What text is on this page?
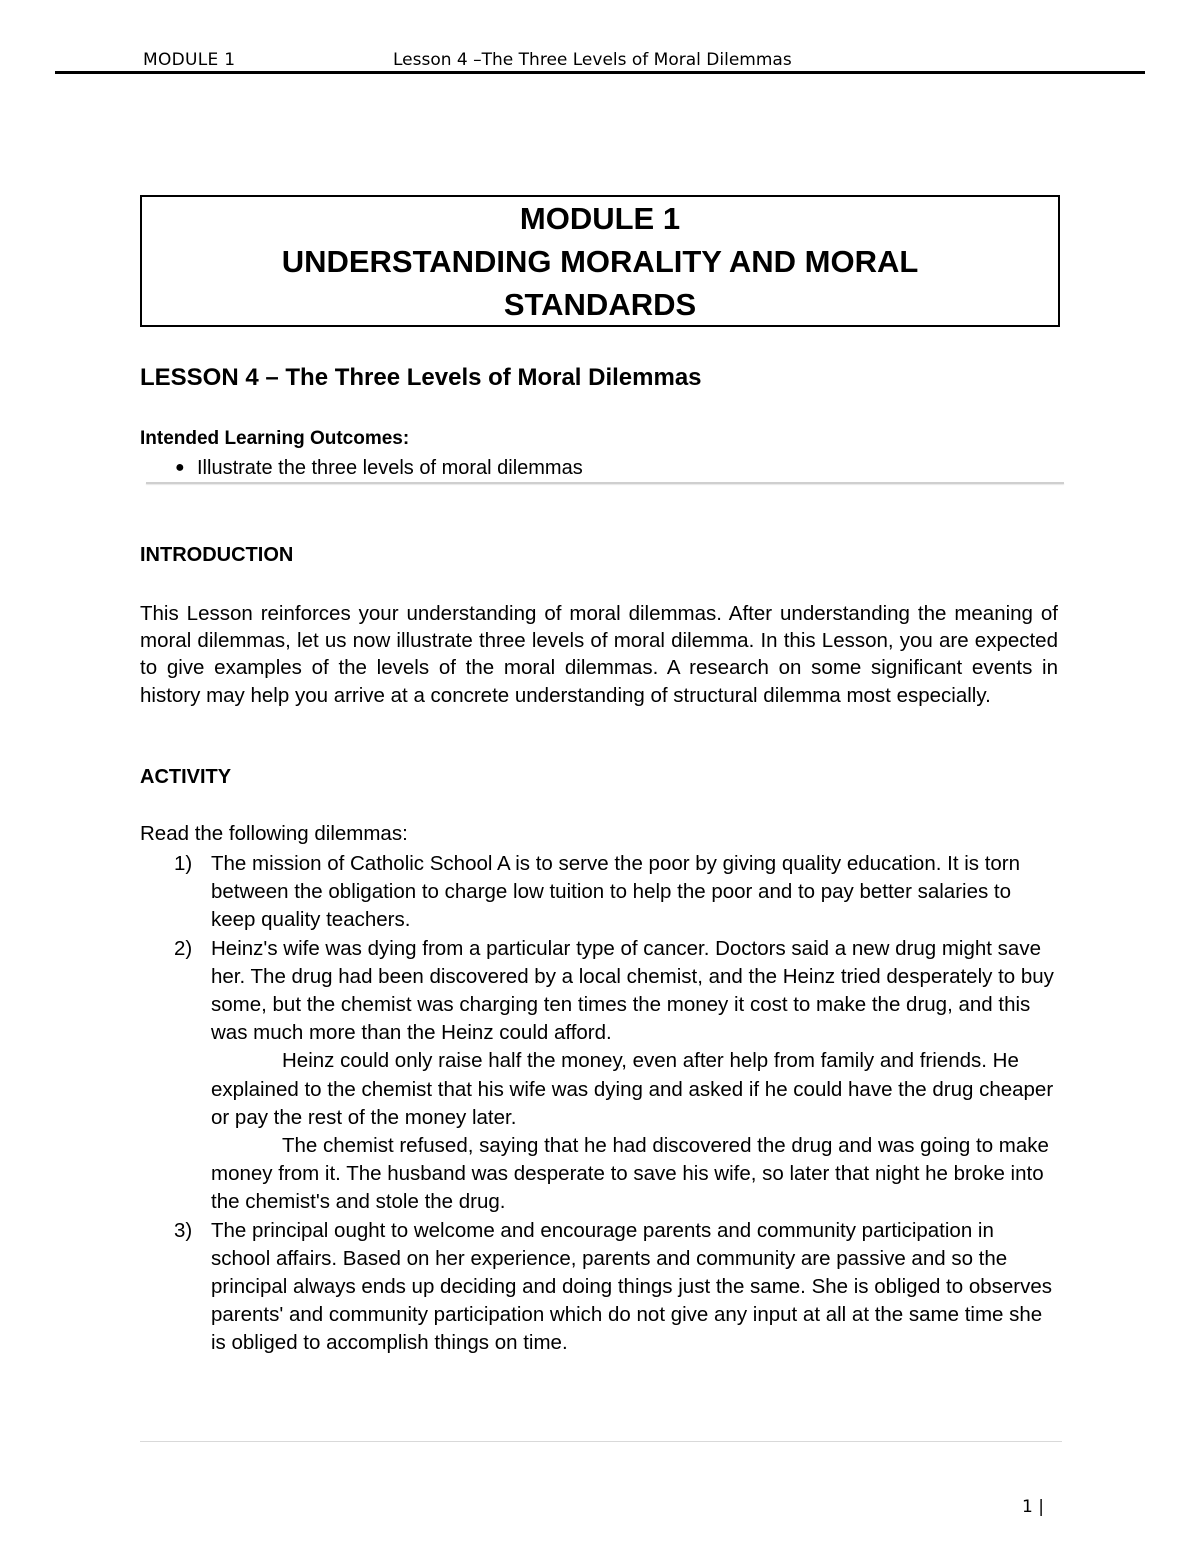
MODULE 1	Lesson 4 –The Three Levels of Moral Dilemmas
MODULE 1
UNDERSTANDING MORALITY AND MORAL
STANDARDS
LESSON 4 – The Three Levels of Moral Dilemmas
Intended Learning Outcomes:
● Illustrate the three levels of moral dilemmas
INTRODUCTION
This Lesson reinforces your understanding of moral dilemmas. After understanding the meaning of moral dilemmas, let us now illustrate three levels of moral dilemma. In this Lesson, you are expected to give examples of the levels of the moral dilemmas. A research on some significant events in history may help you arrive at a concrete understanding of structural dilemma most especially.
ACTIVITY
Read the following dilemmas:
1) The mission of Catholic School A is to serve the poor by giving quality education. It is torn between the obligation to charge low tuition to help the poor and to pay better salaries to keep quality teachers.
2) Heinz's wife was dying from a particular type of cancer. Doctors said a new drug might save her. The drug had been discovered by a local chemist, and the Heinz tried desperately to buy some, but the chemist was charging ten times the money it cost to make the drug, and this was much more than the Heinz could afford.
Heinz could only raise half the money, even after help from family and friends. He explained to the chemist that his wife was dying and asked if he could have the drug cheaper or pay the rest of the money later.
The chemist refused, saying that he had discovered the drug and was going to make money from it. The husband was desperate to save his wife, so later that night he broke into the chemist's and stole the drug.
3) The principal ought to welcome and encourage parents and community participation in school affairs. Based on her experience, parents and community are passive and so the principal always ends up deciding and doing things just the same. She is obliged to observes parents' and community participation which do not give any input at all at the same time she is obliged to accomplish things on time.
1 |
